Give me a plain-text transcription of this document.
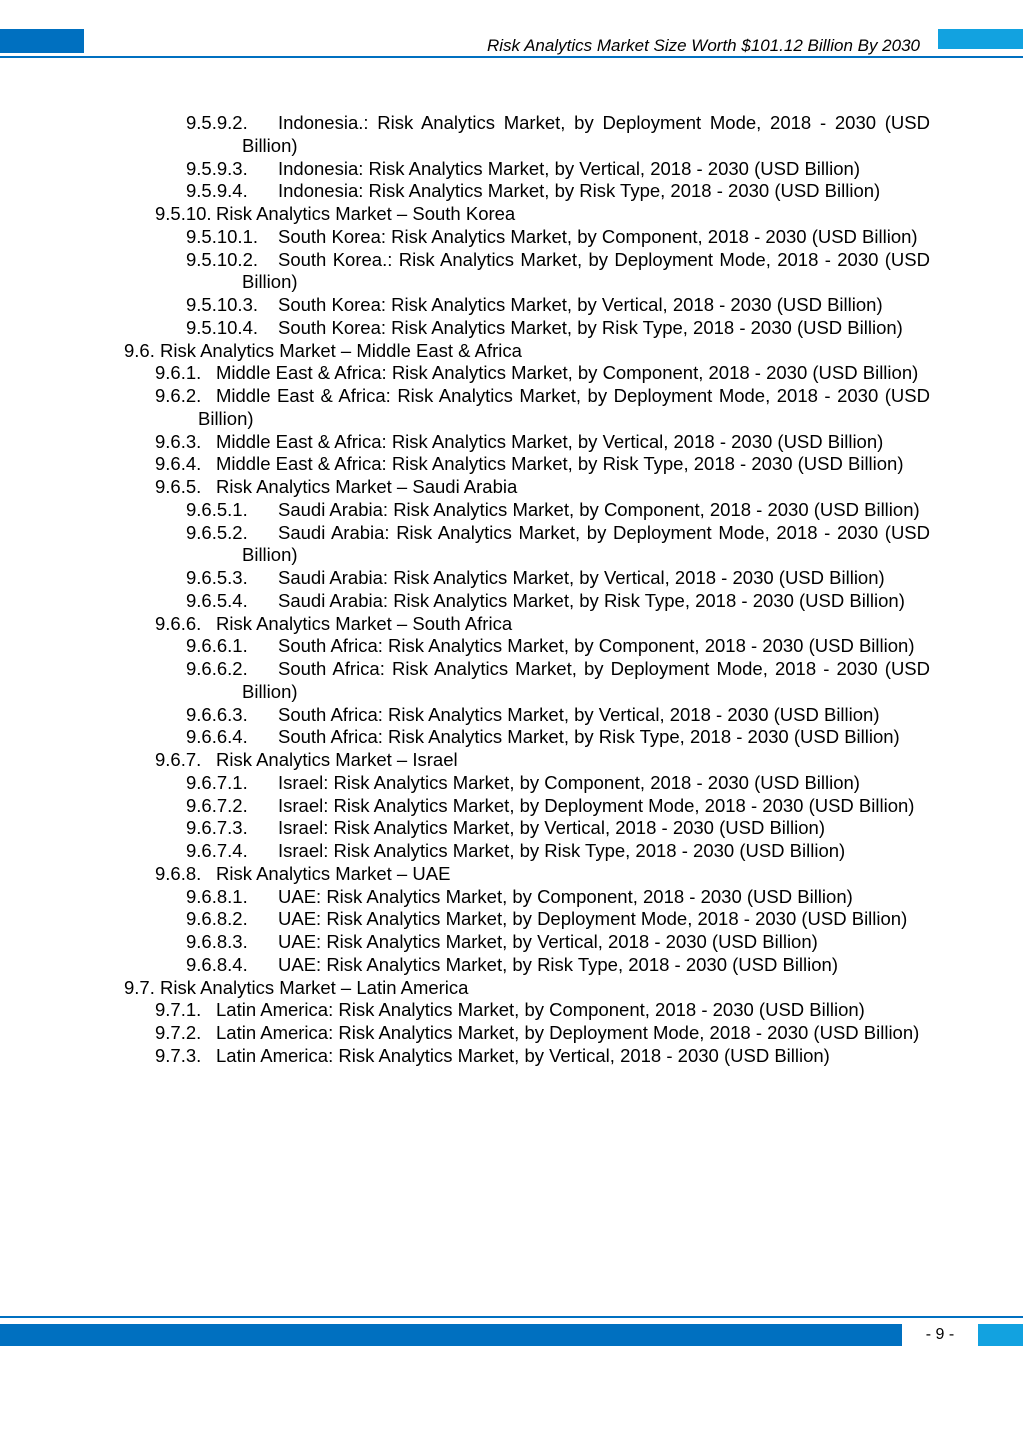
Risk Analytics Market Size Worth $101.12 Billion By 2030
9.5.9.2.	Indonesia.: Risk Analytics Market, by Deployment Mode, 2018 - 2030 (USD Billion)
9.5.9.3.	Indonesia: Risk Analytics Market, by Vertical, 2018 - 2030 (USD Billion)
9.5.9.4.	Indonesia: Risk Analytics Market, by Risk Type, 2018 - 2030 (USD Billion)
9.5.10. Risk Analytics Market – South Korea
9.5.10.1.	South Korea: Risk Analytics Market, by Component, 2018 - 2030 (USD Billion)
9.5.10.2.	South Korea.: Risk Analytics Market, by Deployment Mode, 2018 - 2030 (USD Billion)
9.5.10.3.	South Korea: Risk Analytics Market, by Vertical, 2018 - 2030 (USD Billion)
9.5.10.4.	South Korea: Risk Analytics Market, by Risk Type, 2018 - 2030 (USD Billion)
9.6. Risk Analytics Market – Middle East & Africa
9.6.1. Middle East & Africa: Risk Analytics Market, by Component, 2018 - 2030 (USD Billion)
9.6.2. Middle East & Africa: Risk Analytics Market, by Deployment Mode, 2018 - 2030 (USD Billion)
9.6.3. Middle East & Africa: Risk Analytics Market, by Vertical, 2018 - 2030 (USD Billion)
9.6.4. Middle East & Africa: Risk Analytics Market, by Risk Type, 2018 - 2030 (USD Billion)
9.6.5. Risk Analytics Market – Saudi Arabia
9.6.5.1.	Saudi Arabia: Risk Analytics Market, by Component, 2018 - 2030 (USD Billion)
9.6.5.2.	Saudi Arabia: Risk Analytics Market, by Deployment Mode, 2018 - 2030 (USD Billion)
9.6.5.3.	Saudi Arabia: Risk Analytics Market, by Vertical, 2018 - 2030 (USD Billion)
9.6.5.4.	Saudi Arabia: Risk Analytics Market, by Risk Type, 2018 - 2030 (USD Billion)
9.6.6. Risk Analytics Market – South Africa
9.6.6.1.	South Africa: Risk Analytics Market, by Component, 2018 - 2030 (USD Billion)
9.6.6.2.	South Africa: Risk Analytics Market, by Deployment Mode, 2018 - 2030 (USD Billion)
9.6.6.3.	South Africa: Risk Analytics Market, by Vertical, 2018 - 2030 (USD Billion)
9.6.6.4.	South Africa: Risk Analytics Market, by Risk Type, 2018 - 2030 (USD Billion)
9.6.7. Risk Analytics Market – Israel
9.6.7.1.	Israel: Risk Analytics Market, by Component, 2018 - 2030 (USD Billion)
9.6.7.2.	Israel: Risk Analytics Market, by Deployment Mode, 2018 - 2030 (USD Billion)
9.6.7.3.	Israel: Risk Analytics Market, by Vertical, 2018 - 2030 (USD Billion)
9.6.7.4.	Israel: Risk Analytics Market, by Risk Type, 2018 - 2030 (USD Billion)
9.6.8. Risk Analytics Market – UAE
9.6.8.1.	UAE: Risk Analytics Market, by Component, 2018 - 2030 (USD Billion)
9.6.8.2.	UAE: Risk Analytics Market, by Deployment Mode, 2018 - 2030 (USD Billion)
9.6.8.3.	UAE: Risk Analytics Market, by Vertical, 2018 - 2030 (USD Billion)
9.6.8.4.	UAE: Risk Analytics Market, by Risk Type, 2018 - 2030 (USD Billion)
9.7. Risk Analytics Market – Latin America
9.7.1. Latin America: Risk Analytics Market, by Component, 2018 - 2030 (USD Billion)
9.7.2. Latin America: Risk Analytics Market, by Deployment Mode, 2018 - 2030 (USD Billion)
9.7.3. Latin America: Risk Analytics Market, by Vertical, 2018 - 2030 (USD Billion)
- 9 -
